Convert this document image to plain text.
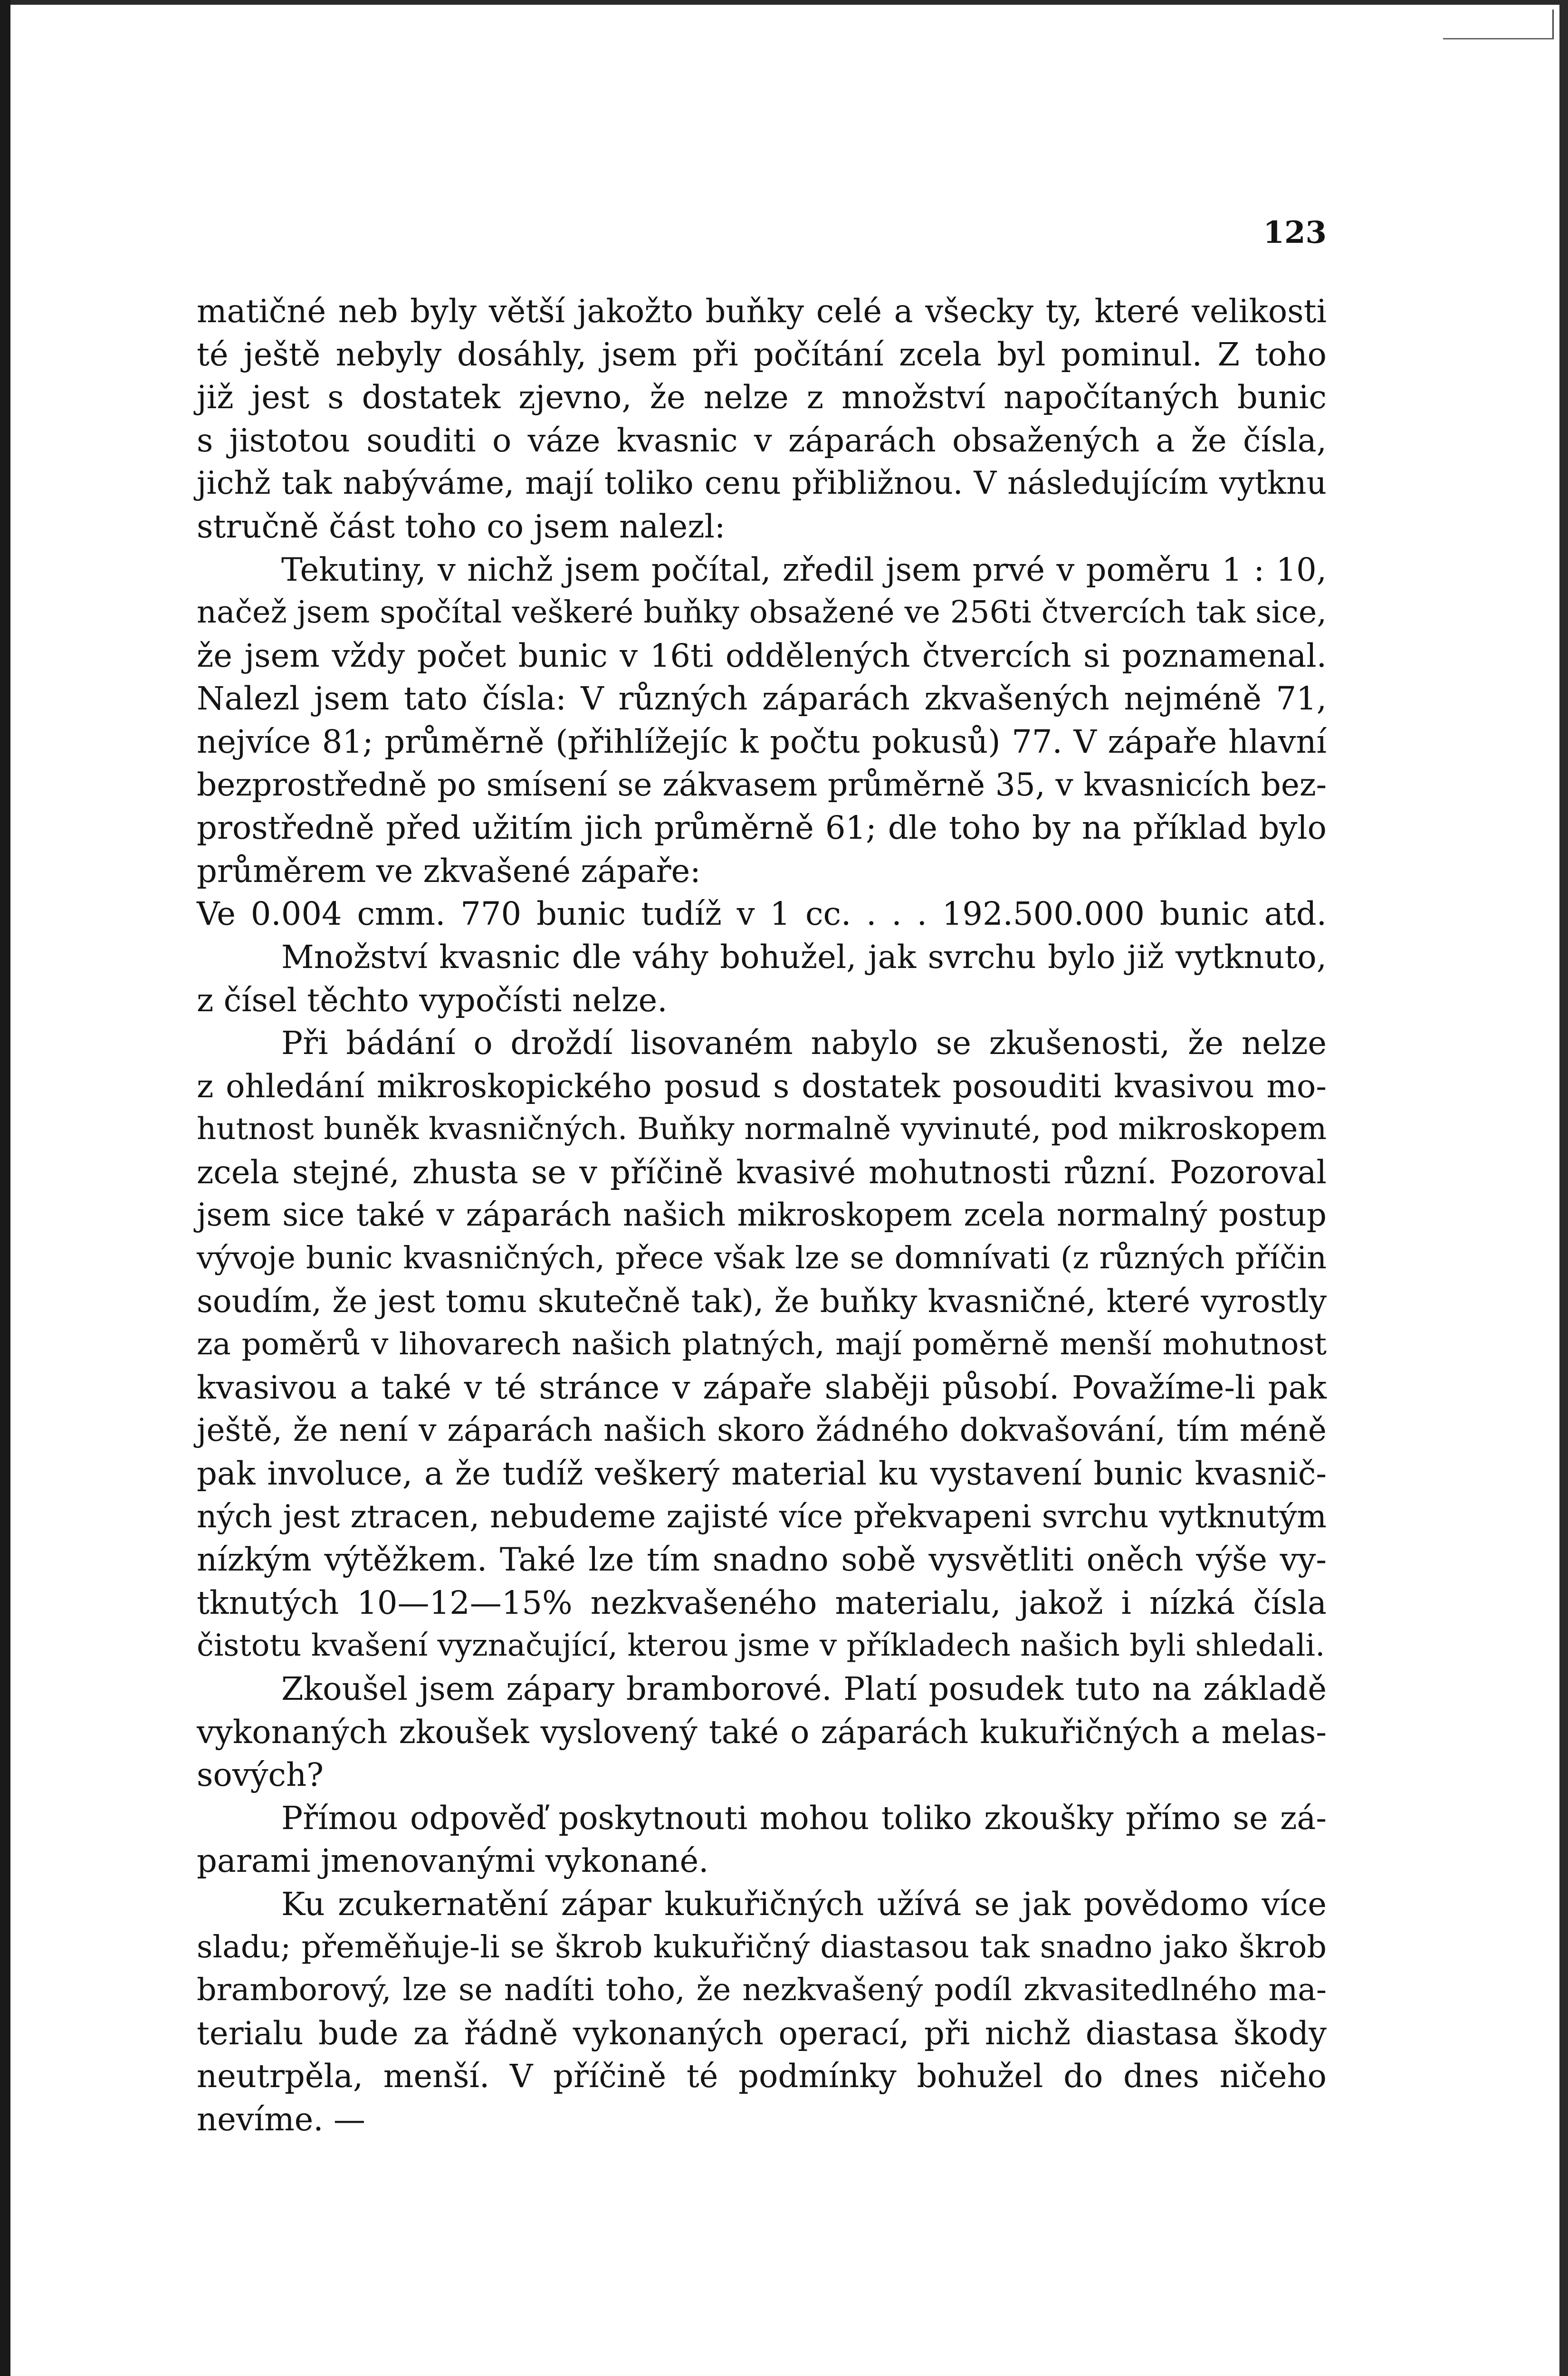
123
matičné neb byly větší jakožto buňky celé a všecky ty, které velikosti
té ještě nebyly dosáhly, jsem při počítání zcela byl pominul. Z toho
již jest s dostatek zjevno, že nelze z množství napočítaných bunic
s jistotou souditi o váze kvasnic v záparách obsažených a že čísla,
jichž tak nabýváme, mají toliko cenu přibližnou. V následujícím vytknu
stručně část toho co jsem nalezl:
Tekutiny, v nichž jsem počítal, zředil jsem prvé v poměru 1 : 10,
načež jsem spočítal veškeré buňky obsažené ve 256ti čtvercích tak sice,
že jsem vždy počet bunic v 16ti oddělených čtvercích si poznamenal.
Nalezl jsem tato čísla: V různých záparách zkvašených nejméně 71,
nejvíce 81; průměrně (přihlížejíc k počtu pokusů) 77. V zápaře hlavní
bezprostředně po smísení se zákvasem průměrně 35, v kvasnicích bez-
prostředně před užitím jich průměrně 61; dle toho by na příklad bylo
průměrem ve zkvašené zápaře:
Ve 0.004 cmm. 770 bunic tudíž v 1 cc. . . . 192.500.000 bunic atd.
Množství kvasnic dle váhy bohužel, jak svrchu bylo již vytknuto,
z čísel těchto vypočísti nelze.
Při bádání o droždí lisovaném nabylo se zkušenosti, že nelze
z ohledání mikroskopického posud s dostatek posouditi kvasivou mo-
hutnost buněk kvasničných. Buňky normalně vyvinuté, pod mikroskopem
zcela stejné, zhusta se v příčině kvasivé mohutnosti různí. Pozoroval
jsem sice také v záparách našich mikroskopem zcela normalný postup
vývoje bunic kvasničných, přece však lze se domnívati (z různých příčin
soudím, že jest tomu skutečně tak), že buňky kvasničné, které vyrostly
za poměrů v lihovarech našich platných, mají poměrně menší mohutnost
kvasivou a také v té stránce v zápaře slaběji působí. Považíme-li pak
ještě, že není v záparách našich skoro žádného dokvašování, tím méně
pak involuce, a že tudíž veškerý material ku vystavení bunic kvasnič-
ných jest ztracen, nebudeme zajisté více překvapeni svrchu vytknutým
nízkým výtěžkem. Také lze tím snadno sobě vysvětliti oněch výše vy-
tknutých 10—12—15% nezkvašeného materialu, jakož i nízká čísla
čistotu kvašení vyznačující, kterou jsme v příkladech našich byli shledali.
Zkoušel jsem zápary bramborové. Platí posudek tuto na základě
vykonaných zkoušek vyslovený také o záparách kukuřičných a melas-
sových?
Přímou odpověď poskytnouti mohou toliko zkoušky přímo se zá-
parami jmenovanými vykonané.
Ku zcukernatění zápar kukuřičných užívá se jak povědomo více
sladu; přeměňuje-li se škrob kukuřičný diastasou tak snadno jako škrob
bramborový, lze se nadíti toho, že nezkvašený podíl zkvasitedlného ma-
terialu bude za řádně vykonaných operací, při nichž diastasa škody
neutrpěla, menší. V příčině té podmínky bohužel do dnes ničeho
nevíme. —
